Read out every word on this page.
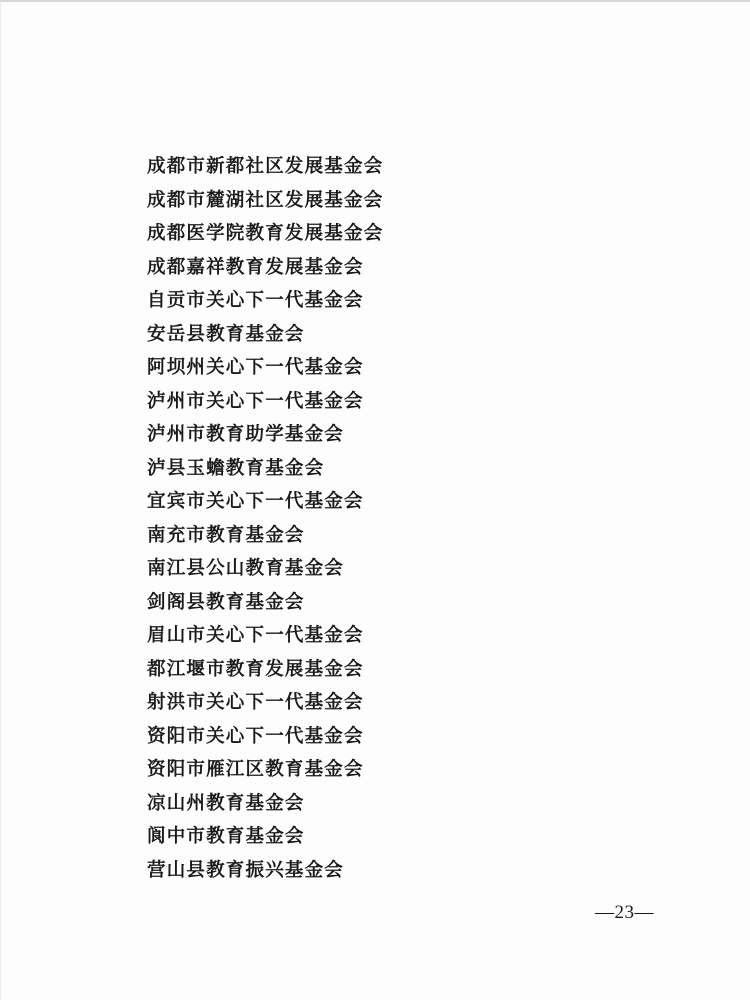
成都市新都社区发展基金会
成都市麓湖社区发展基金会
成都医学院教育发展基金会
成都嘉祥教育发展基金会
自贡市关心下一代基金会
安岳县教育基金会
阿坝州关心下一代基金会
泸州市关心下一代基金会
泸州市教育助学基金会
泸县玉蟾教育基金会
宜宾市关心下一代基金会
南充市教育基金会
南江县公山教育基金会
剑阁县教育基金会
眉山市关心下一代基金会
都江堰市教育发展基金会
射洪市关心下一代基金会
资阳市关心下一代基金会
资阳市雁江区教育基金会
凉山州教育基金会
阆中市教育基金会
营山县教育振兴基金会
—23—
